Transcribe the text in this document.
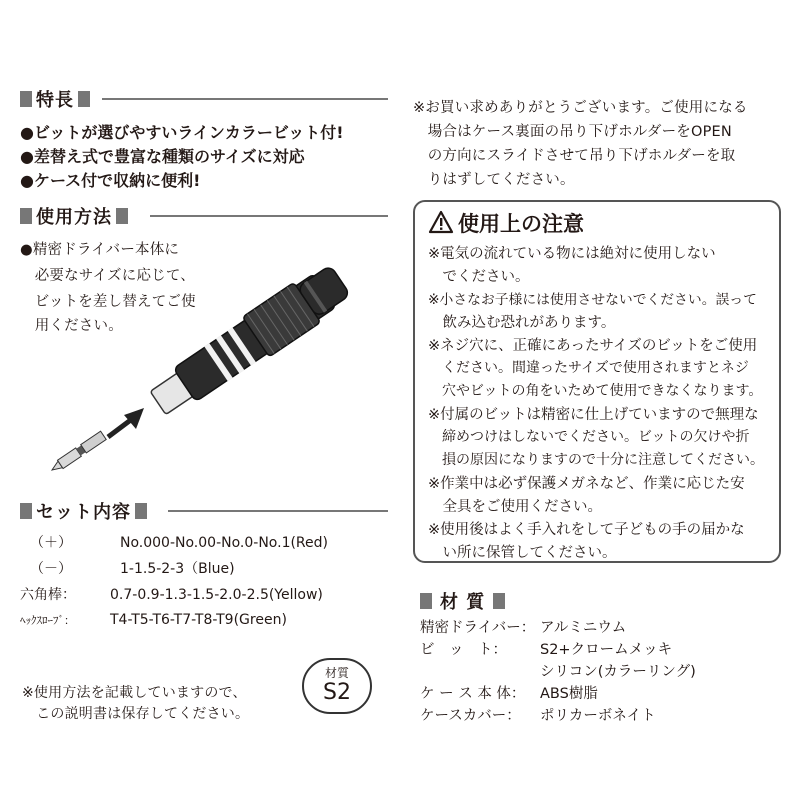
特長
●ビットが選びやすいラインカラービット付!
●差替え式で豊富な種類のサイズに対応
●ケース付で収納に便利!
使用方法
●精密ドライバー本体に
　必要なサイズに応じて、
　ビットを差し替えてご使
　用ください。
セット内容
（＋）	No.000-No.00-No.0-No.1(Red)
（－）	1-1.5-2-3（Blue)
六角棒： 0.7-0.9-1.3-1.5-2.0-2.5(Yellow)
ﾍｯｸｽﾛｰﾌﾞ：	T4-T5-T6-T7-T8-T9(Green)
※使用方法を記載していますので、
　この説明書は保存してください。
材質
S2
※お買い求めありがとうございます。ご使用になる
　場合はケース裏面の吊り下げホルダーをOPEN
　の方向にスライドさせて吊り下げホルダーを取
　りはずしてください。
使用上の注意
※電気の流れている物には絶対に使用しない
　でください。
※小さなお子様には使用させないでください。誤って
　飲み込む恐れがあります。
※ネジ穴に、正確にあったサイズのビットをご使用
　ください。間違ったサイズで使用されますとネジ
　穴やビットの角をいためて使用できなくなります。
※付属のビットは精密に仕上げていますので無理な
　締めつけはしないでください。ビットの欠けや折
　損の原因になりますので十分に注意してください。
※作業中は必ず保護メガネなど、作業に応じた安
　全具をご使用ください。
※使用後はよく手入れをして子どもの手の届かな
　い所に保管してください。
材 質
精密ドライバー： アルミニウム
ビ　ッ　ト： S2+クロームメッキ
シリコン(カラーリング)
ケ ー ス 本 体： ABS樹脂
ケースカバー： ポリカーボネイト
